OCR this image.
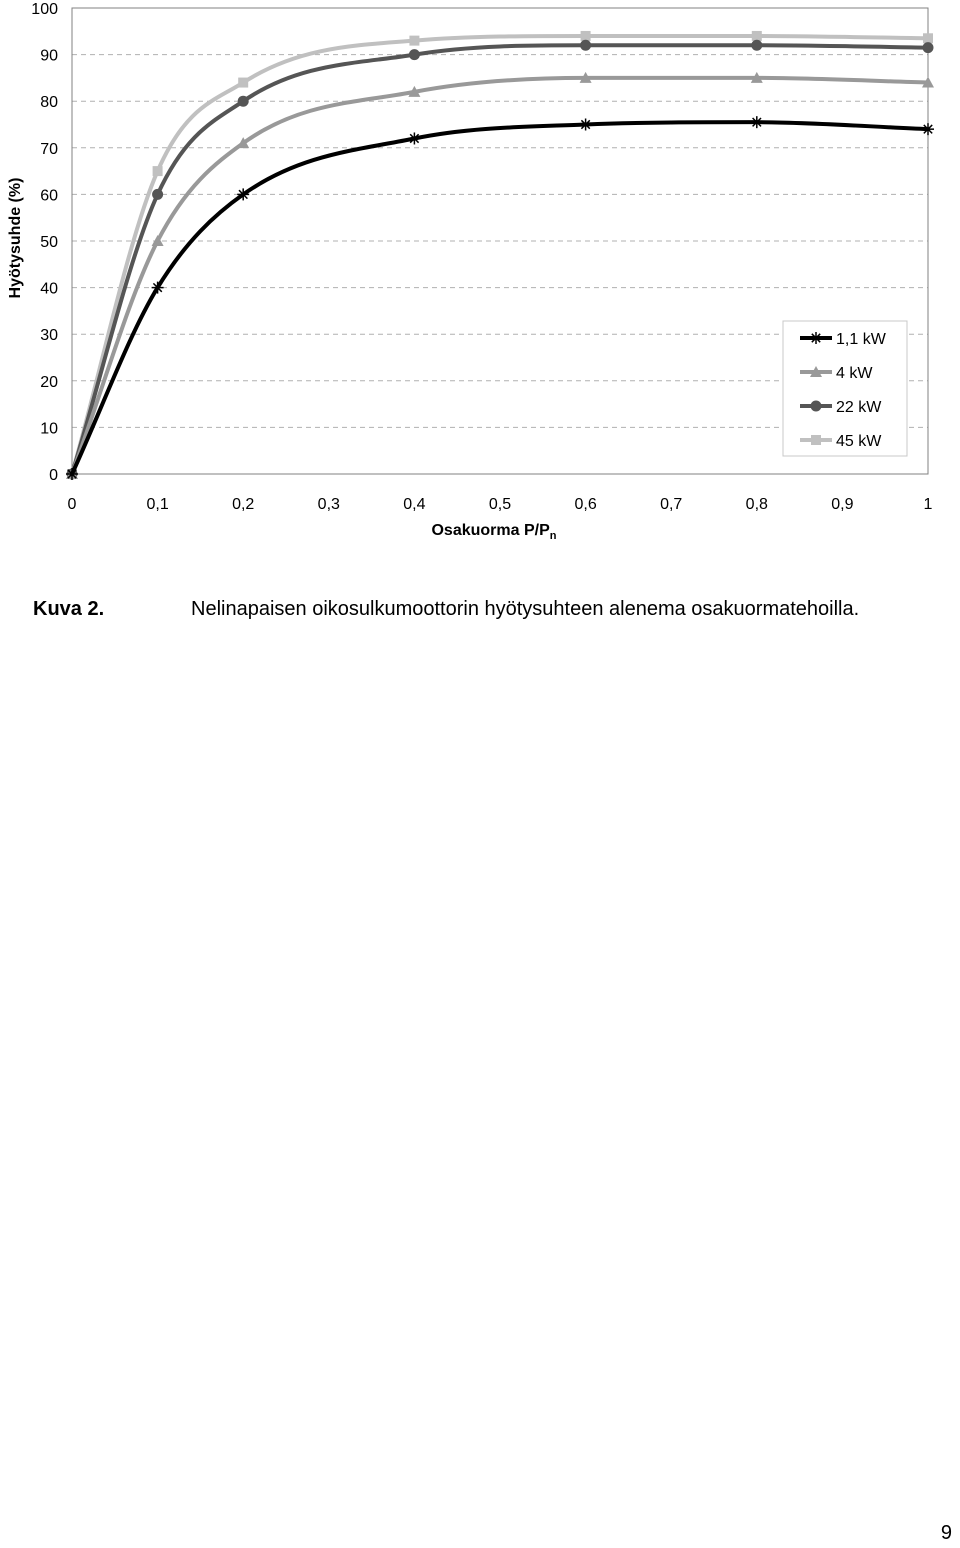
0
10
20
30
40
50
60
70
80
90
100
0	0,1	0,2	0,3	0,4	0,5	0,6	0,7	0,8	0,9	1
Hyötysuhde (%)
Osakuorma $P/P_n$
1,1 kW
4 kW
22 kW
45 kW
Kuva 2.	Nelinapaisen oikosulkumoottorin hyötysuhteen alenema osakuormatehoilla.
9
